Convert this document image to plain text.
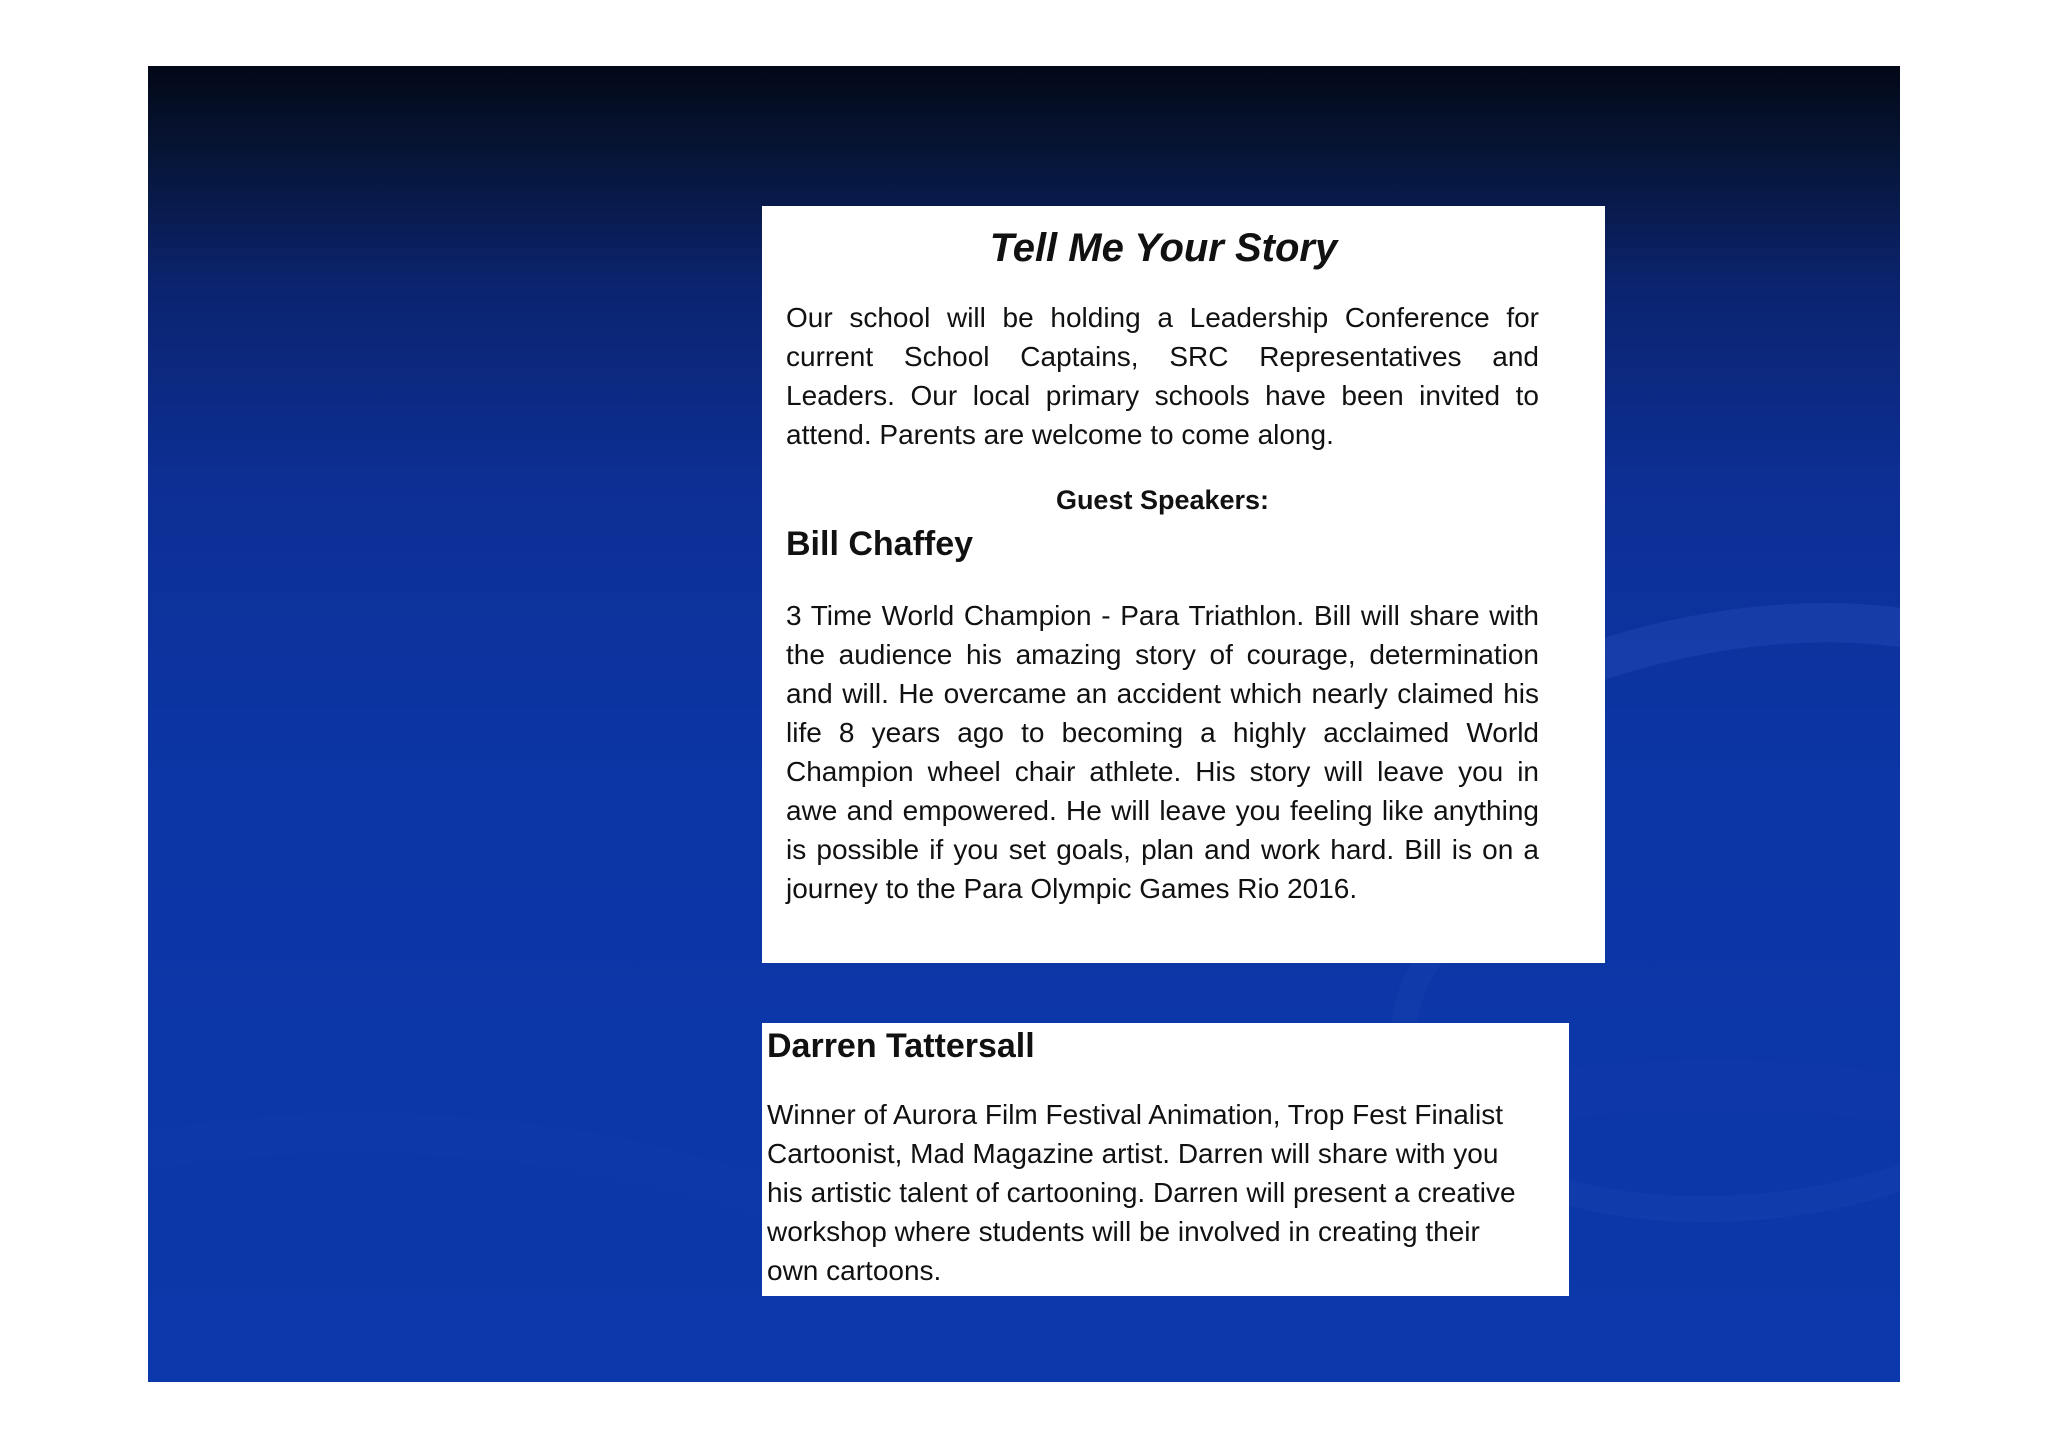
Tell Me Your Story

Our school will be holding a Leadership Conference for current School Captains, SRC Representatives and Leaders. Our local primary schools have been invited to attend. Parents are welcome to come along.

Guest Speakers:

Bill Chaffey

3 Time World Champion - Para Triathlon. Bill will share with the audience his amazing story of courage, determination and will. He overcame an accident which nearly claimed his life 8 years ago to becoming a highly acclaimed World Champion wheel chair athlete. His story will leave you in awe and empowered. He will leave you feeling like anything is possible if you set goals, plan and work hard. Bill is on a journey to the Para Olympic Games Rio 2016.

Darren Tattersall

Winner of Aurora Film Festival Animation, Trop Fest Finalist Cartoonist, Mad Magazine artist. Darren will share with you his artistic talent of cartooning. Darren will present a creative workshop where students will be involved in creating their own cartoons.
